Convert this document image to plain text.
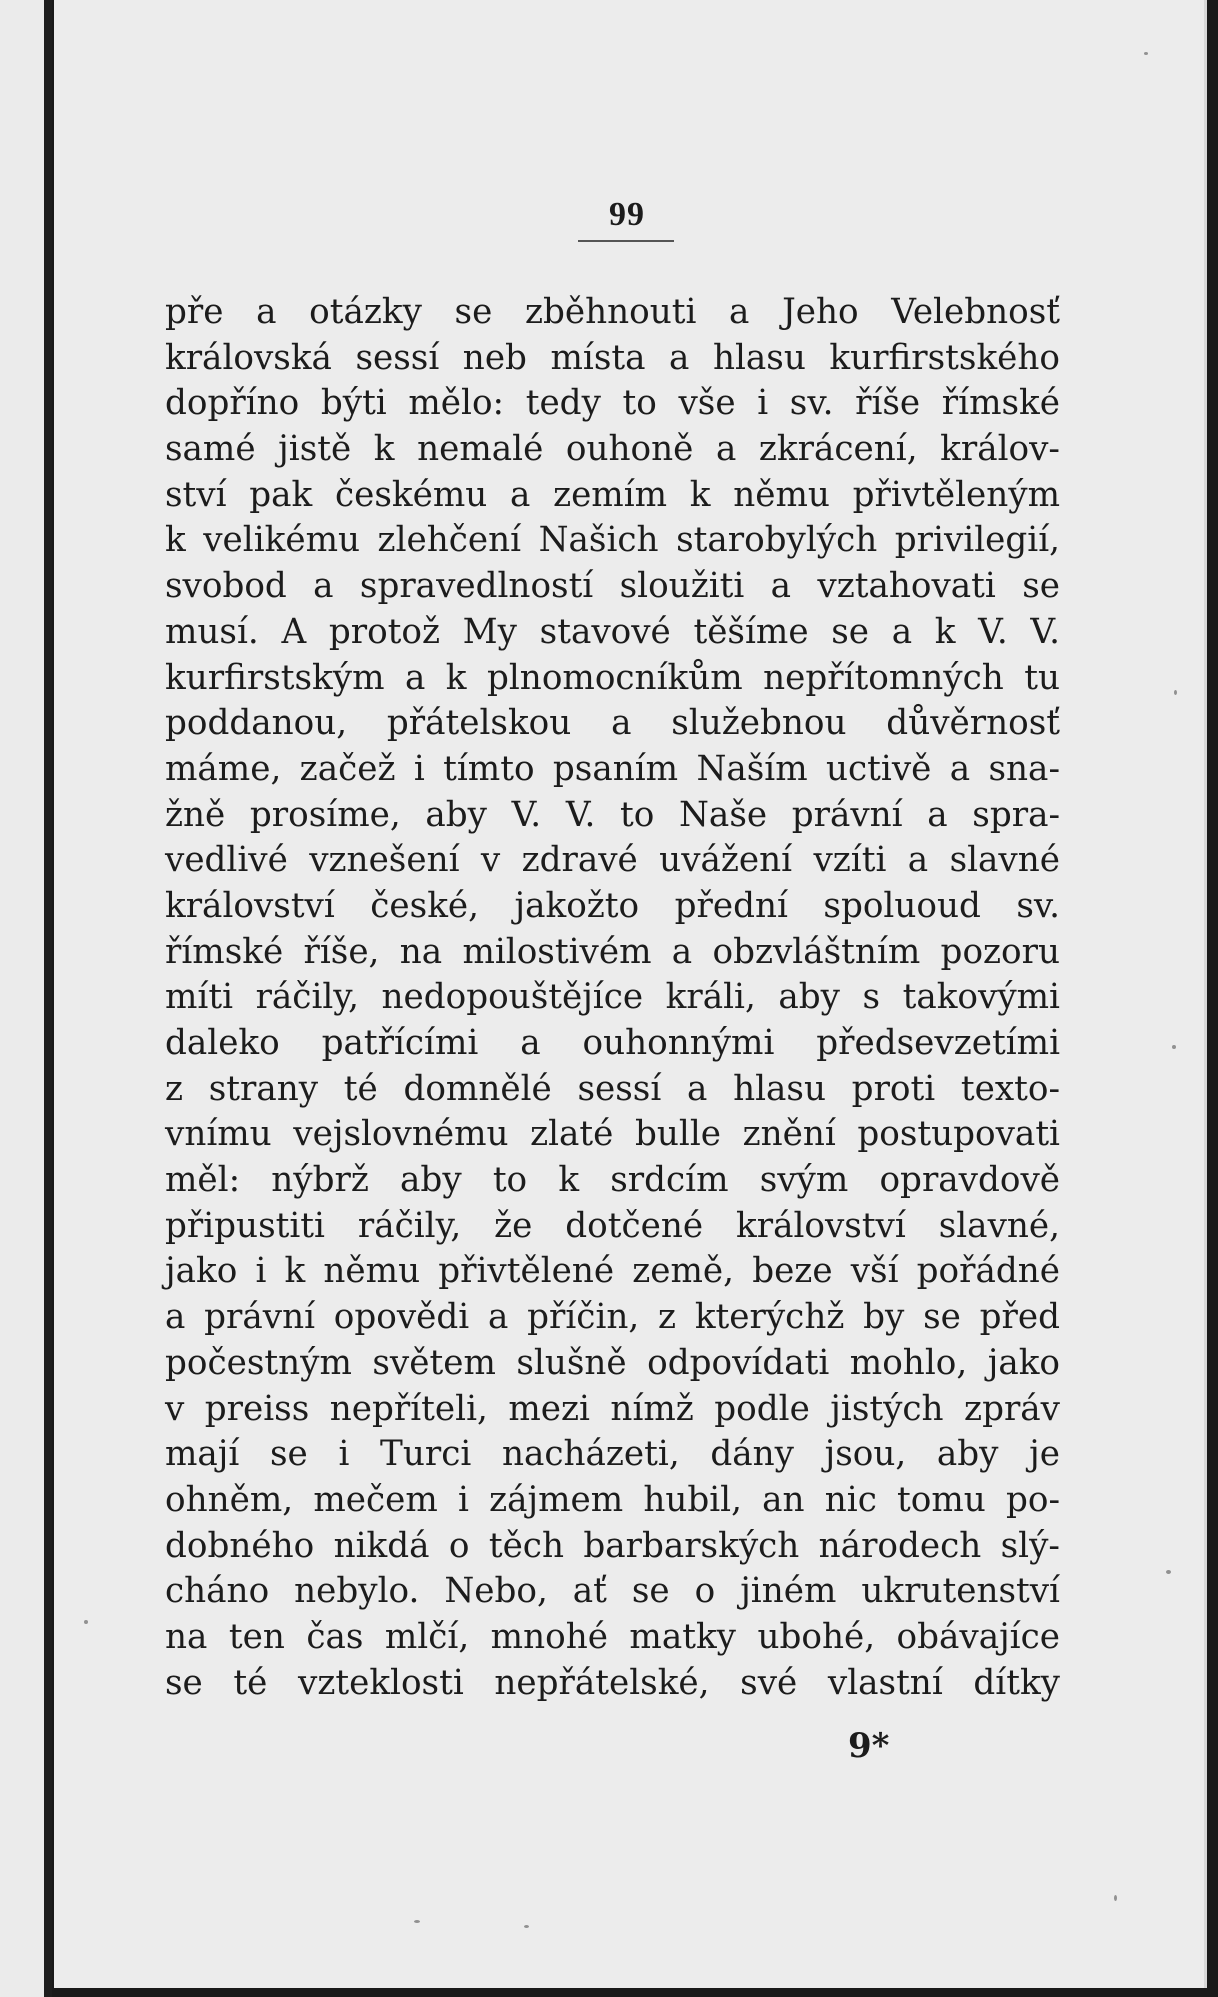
99
pře a otázky se zběhnouti a Jeho Velebnosť
královská sessí neb místa a hlasu kurfirstského
dopříno býti mělo: tedy to vše i sv. říše římské
samé jistě k nemalé ouhoně a zkrácení, králov-
ství pak českému a zemím k němu přivtěleným
k velikému zlehčení Našich starobylých privilegií,
svobod a spravedlností sloužiti a vztahovati se
musí. A protož My stavové těšíme se a k V. V.
kurfirstským a k plnomocníkům nepřítomných tu
poddanou, přátelskou a služebnou důvěrnosť
máme, začež i tímto psaním Naším uctivě a sna-
žně prosíme, aby V. V. to Naše právní a spra-
vedlivé vznešení v zdravé uvážení vzíti a slavné
království české, jakožto přední spoluoud sv.
římské říše, na milostivém a obzvláštním pozoru
míti ráčily, nedopouštějíce králi, aby s takovými
daleko patřícími a ouhonnými předsevzetími
z strany té domnělé sessí a hlasu proti texto-
vnímu vejslovnému zlaté bulle znění postupovati
měl: nýbrž aby to k srdcím svým opravdově
připustiti ráčily, že dotčené království slavné,
jako i k němu přivtělené země, beze vší pořádné
a právní opovědi a příčin, z kterýchž by se před
počestným světem slušně odpovídati mohlo, jako
v preiss nepříteli, mezi nímž podle jistých zpráv
mají se i Turci nacházeti, dány jsou, aby je
ohněm, mečem i zájmem hubil, an nic tomu po-
dobného nikdá o těch barbarských národech slý-
cháno nebylo. Nebo, ať se o jiném ukrutenství
na ten čas mlčí, mnohé matky ubohé, obávajíce
se té vzteklosti nepřátelské, své vlastní dítky
9*
